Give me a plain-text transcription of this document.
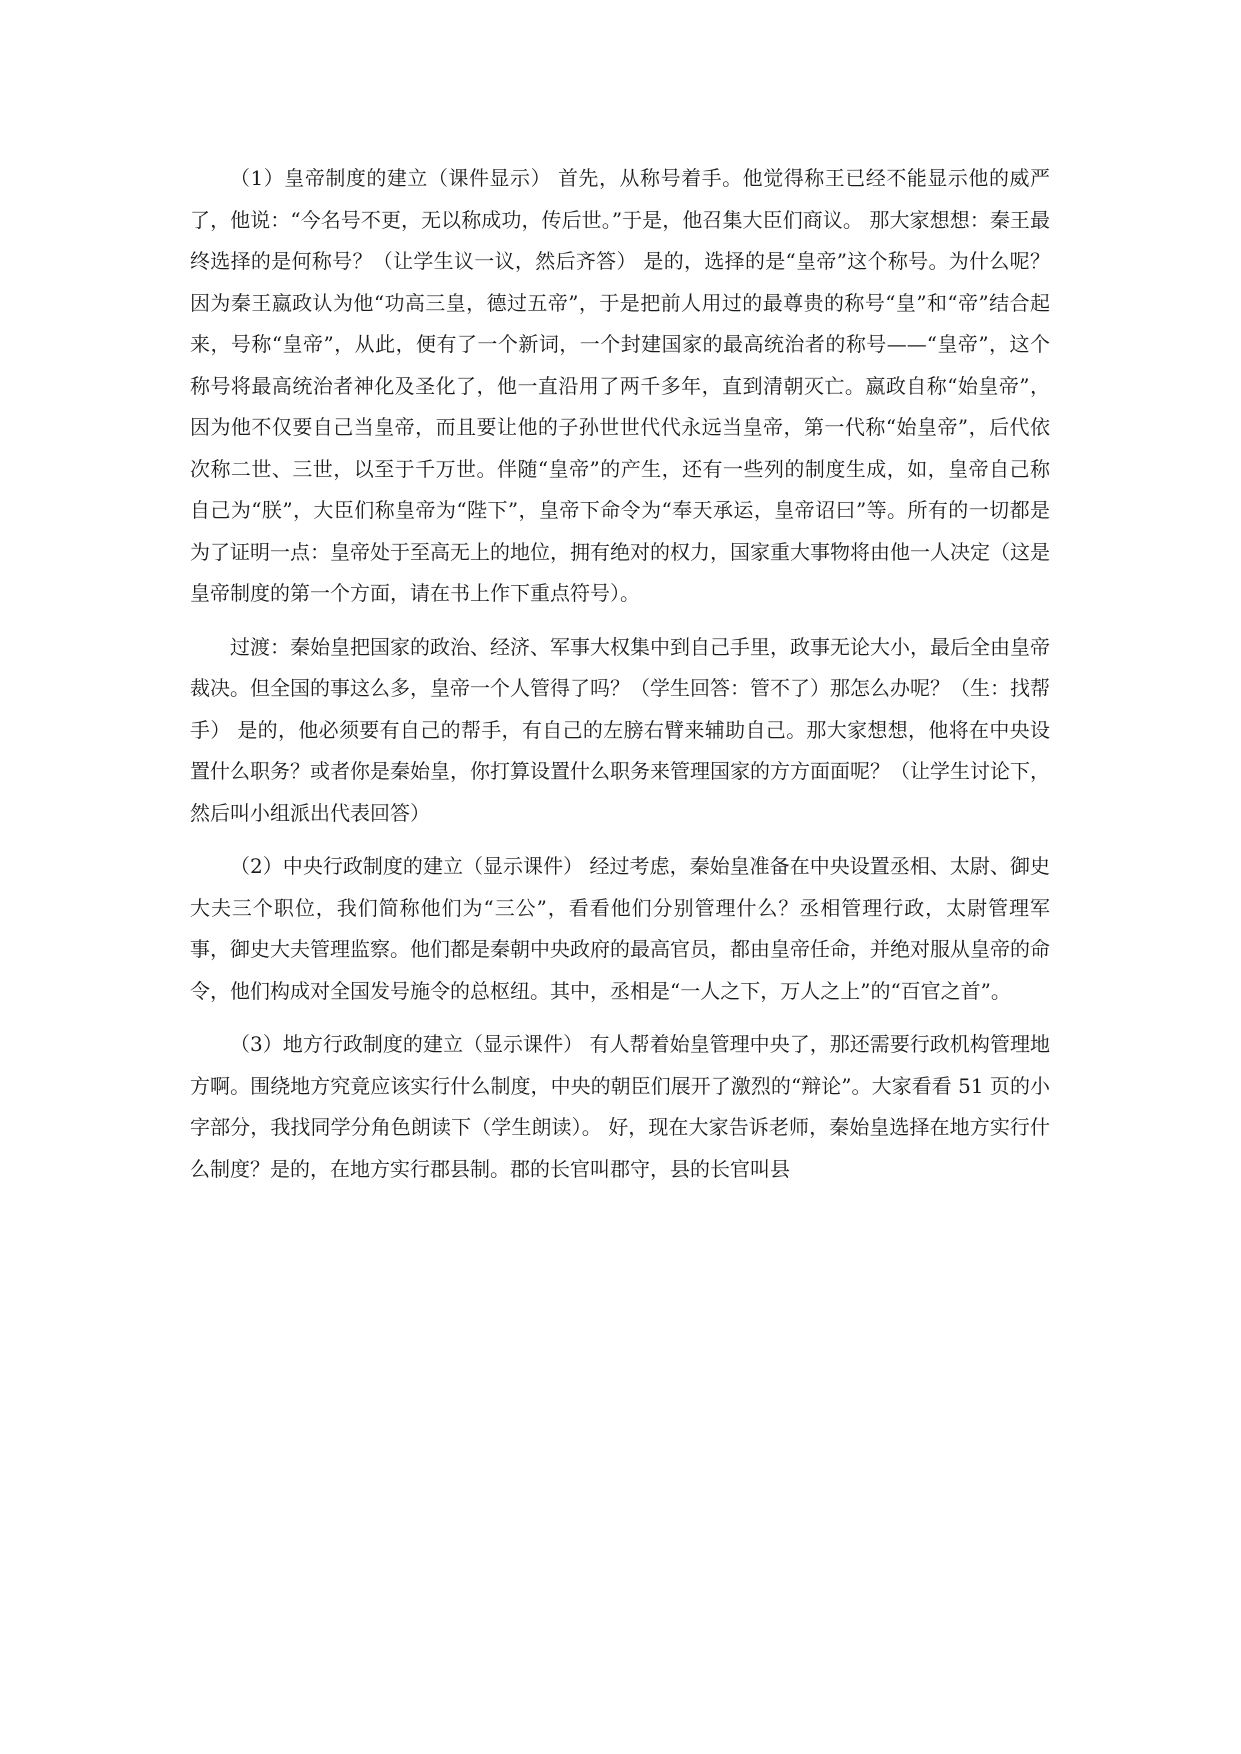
（1）皇帝制度的建立（课件显示） 首先，从称号着手。他觉得称王已经不能显示他的威严了，他说：“今名号不更，无以称成功，传后世。”于是，他召集大臣们商议。 那大家想想：秦王最终选择的是何称号？（让学生议一议，然后齐答） 是的，选择的是“皇帝”这个称号。为什么呢？因为秦王嬴政认为他“功高三皇，德过五帝”，于是把前人用过的最尊贵的称号“皇”和“帝”结合起来，号称“皇帝”，从此，便有了一个新词，一个封建国家的最高统治者的称号——“皇帝”，这个称号将最高统治者神化及圣化了，他一直沿用了两千多年，直到清朝灭亡。嬴政自称“始皇帝”，因为他不仅要自己当皇帝，而且要让他的子孙世世代代永远当皇帝，第一代称“始皇帝”，后代依次称二世、三世，以至于千万世。伴随“皇帝”的产生，还有一些列的制度生成，如，皇帝自己称自己为“朕”，大臣们称皇帝为“陛下”，皇帝下命令为“奉天承运，皇帝诏曰”等。所有的一切都是为了证明一点：皇帝处于至高无上的地位，拥有绝对的权力，国家重大事物将由他一人决定（这是皇帝制度的第一个方面，请在书上作下重点符号）。

过渡：秦始皇把国家的政治、经济、军事大权集中到自己手里，政事无论大小，最后全由皇帝裁决。但全国的事这么多，皇帝一个人管得了吗？（学生回答：管不了）那怎么办呢？（生：找帮手） 是的，他必须要有自己的帮手，有自己的左膀右臂来辅助自己。那大家想想，他将在中央设置什么职务？或者你是秦始皇，你打算设置什么职务来管理国家的方方面面呢？（让学生讨论下，然后叫小组派出代表回答）

（2）中央行政制度的建立（显示课件） 经过考虑，秦始皇准备在中央设置丞相、太尉、御史大夫三个职位，我们简称他们为“三公”，看看他们分别管理什么？丞相管理行政，太尉管理军事，御史大夫管理监察。他们都是秦朝中央政府的最高官员，都由皇帝任命，并绝对服从皇帝的命令，他们构成对全国发号施令的总枢纽。其中，丞相是“一人之下，万人之上”的“百官之首”。

（3）地方行政制度的建立（显示课件） 有人帮着始皇管理中央了，那还需要行政机构管理地方啊。围绕地方究竟应该实行什么制度，中央的朝臣们展开了激烈的“辩论”。大家看看 51 页的小字部分，我找同学分角色朗读下（学生朗读）。 好，现在大家告诉老师，秦始皇选择在地方实行什么制度？是的，在地方实行郡县制。郡的长官叫郡守，县的长官叫县
